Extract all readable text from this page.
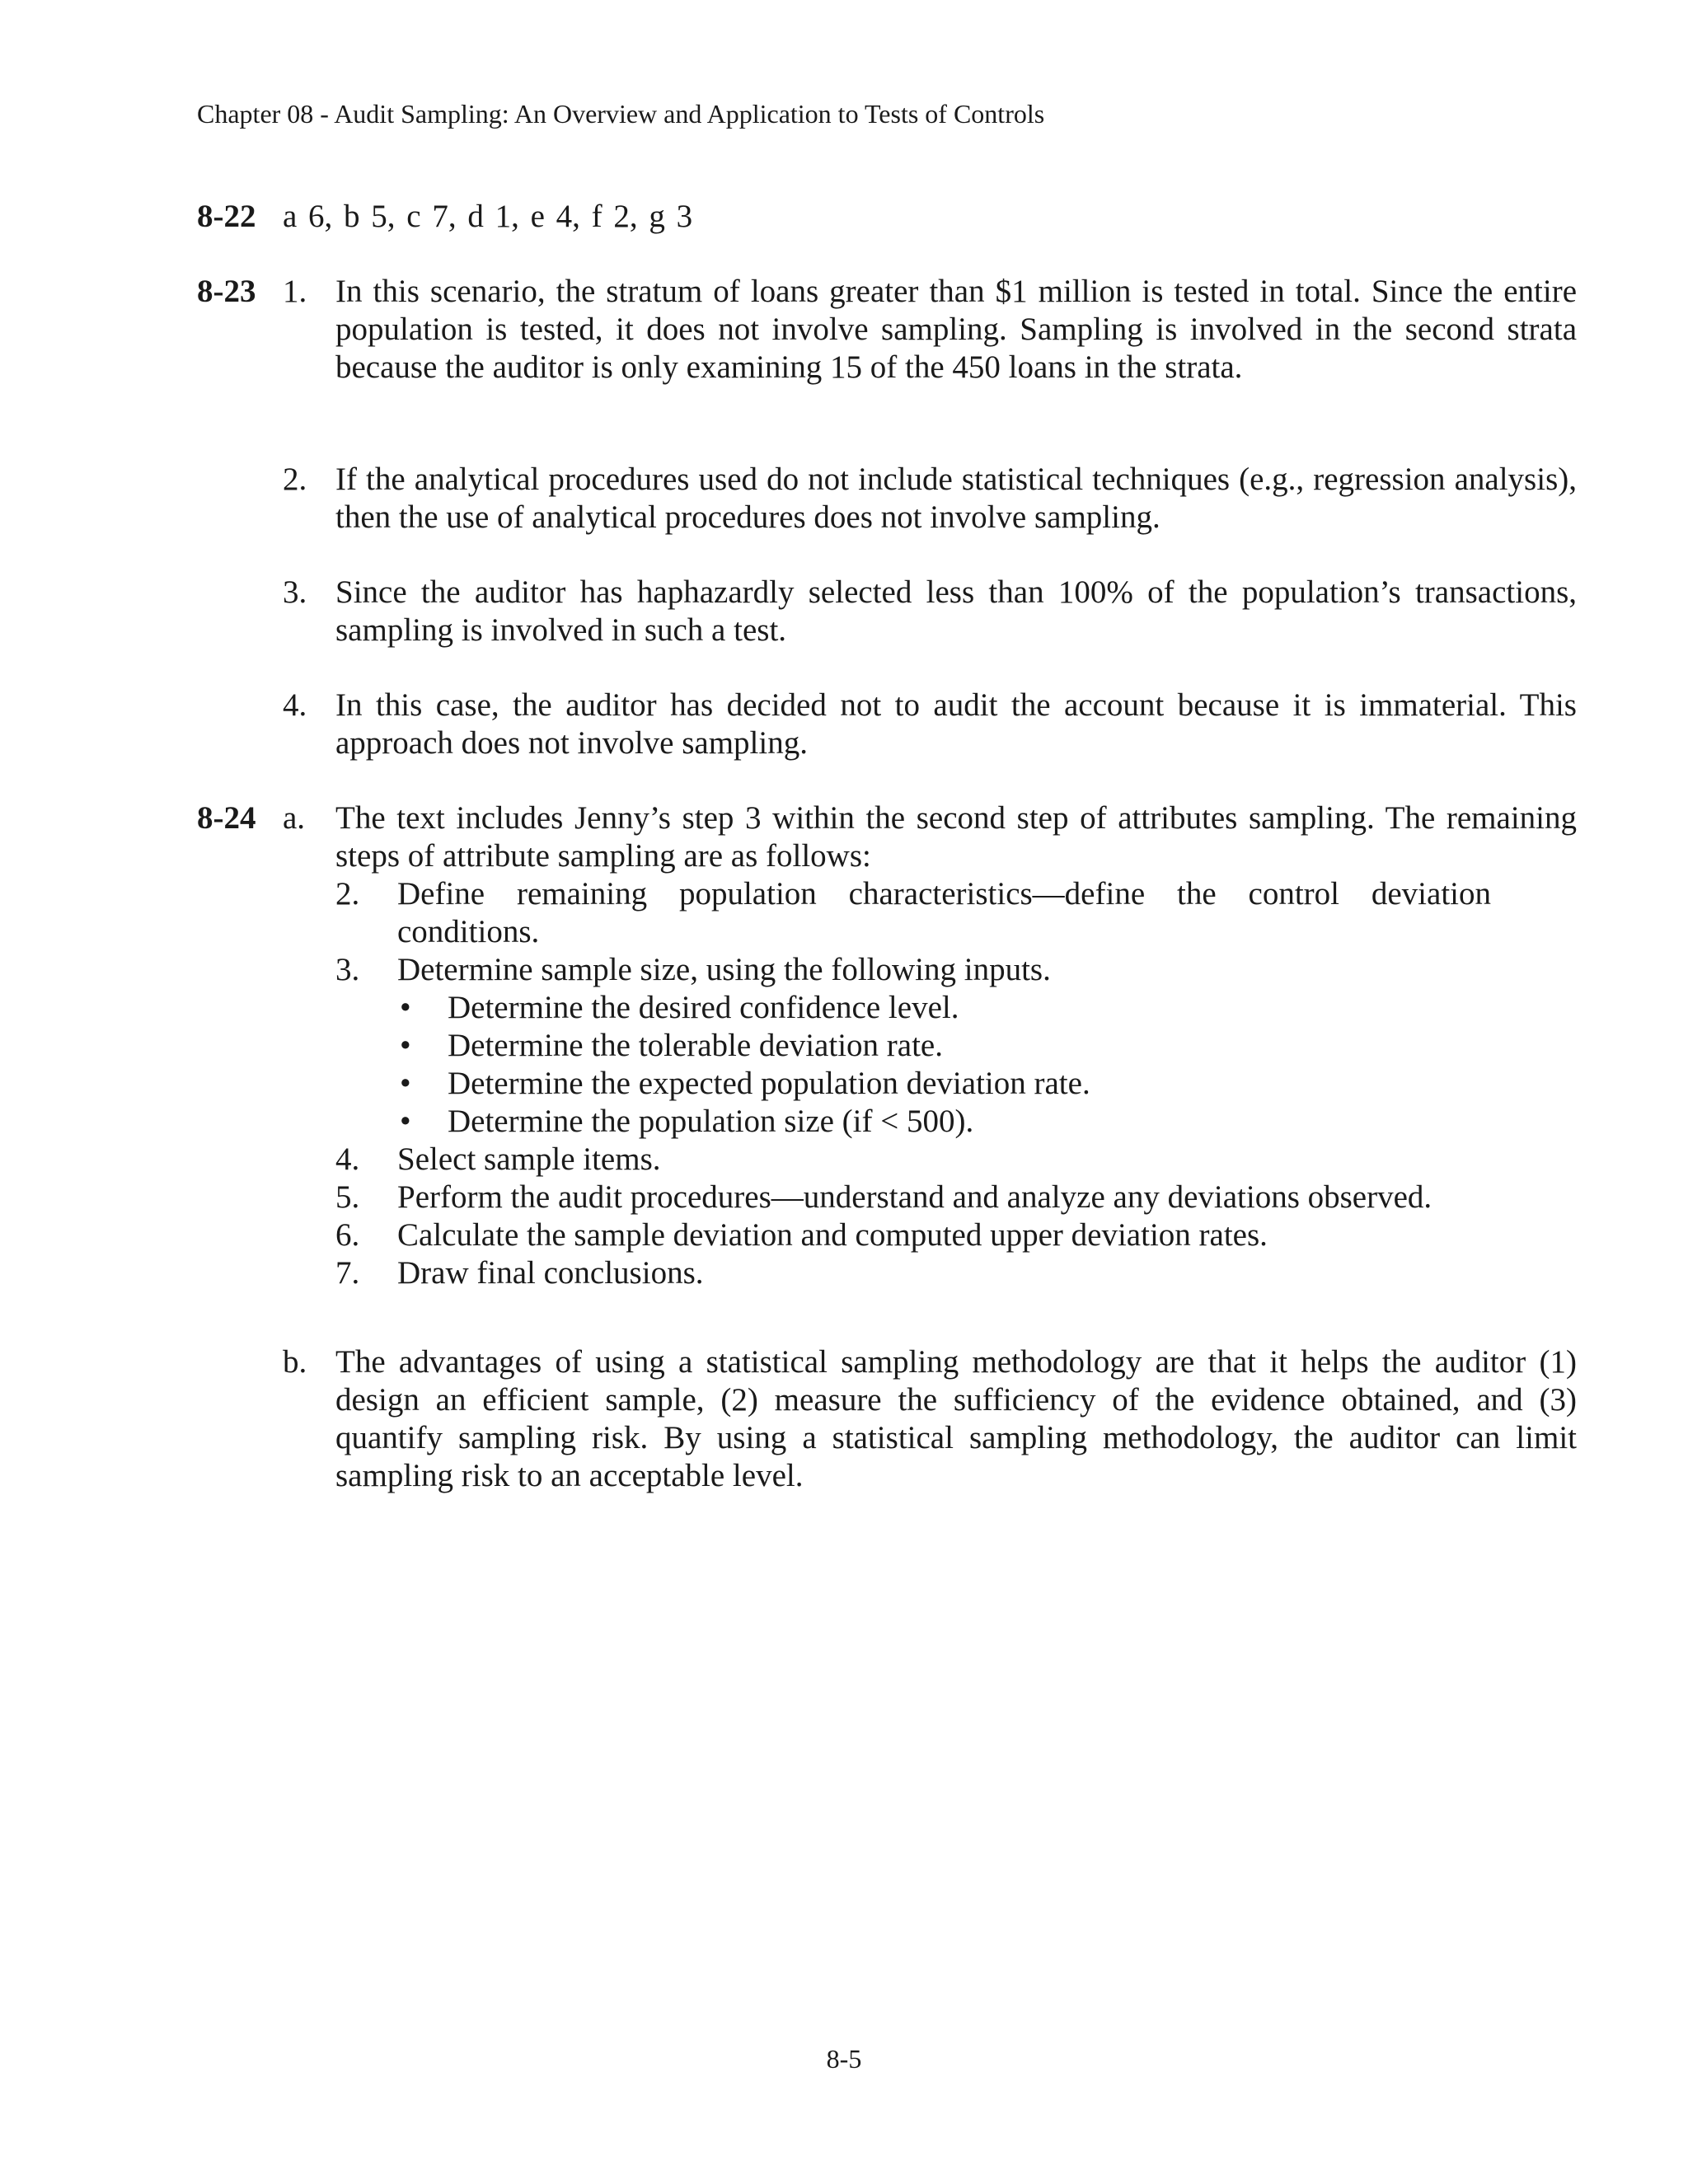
Chapter 08 - Audit Sampling: An Overview and Application to Tests of Controls
8-22 a 6, b 5, c 7, d 1, e 4, f 2, g 3
8-23 1. In this scenario, the stratum of loans greater than $1 million is tested in total. Since the entire population is tested, it does not involve sampling. Sampling is involved in the second strata because the auditor is only examining 15 of the 450 loans in the strata.
2. If the analytical procedures used do not include statistical techniques (e.g., regression analysis), then the use of analytical procedures does not involve sampling.
3. Since the auditor has haphazardly selected less than 100% of the population’s transactions, sampling is involved in such a test.
4. In this case, the auditor has decided not to audit the account because it is immaterial. This approach does not involve sampling.
8-24 a. The text includes Jenny’s step 3 within the second step of attributes sampling. The remaining steps of attribute sampling are as follows:
2. Define remaining population characteristics—define the control deviation conditions.
3. Determine sample size, using the following inputs.
• Determine the desired confidence level.
• Determine the tolerable deviation rate.
• Determine the expected population deviation rate.
• Determine the population size (if < 500).
4. Select sample items.
5. Perform the audit procedures—understand and analyze any deviations observed.
6. Calculate the sample deviation and computed upper deviation rates.
7. Draw final conclusions.
b. The advantages of using a statistical sampling methodology are that it helps the auditor (1) design an efficient sample, (2) measure the sufficiency of the evidence obtained, and (3) quantify sampling risk. By using a statistical sampling methodology, the auditor can limit sampling risk to an acceptable level.
8-5
